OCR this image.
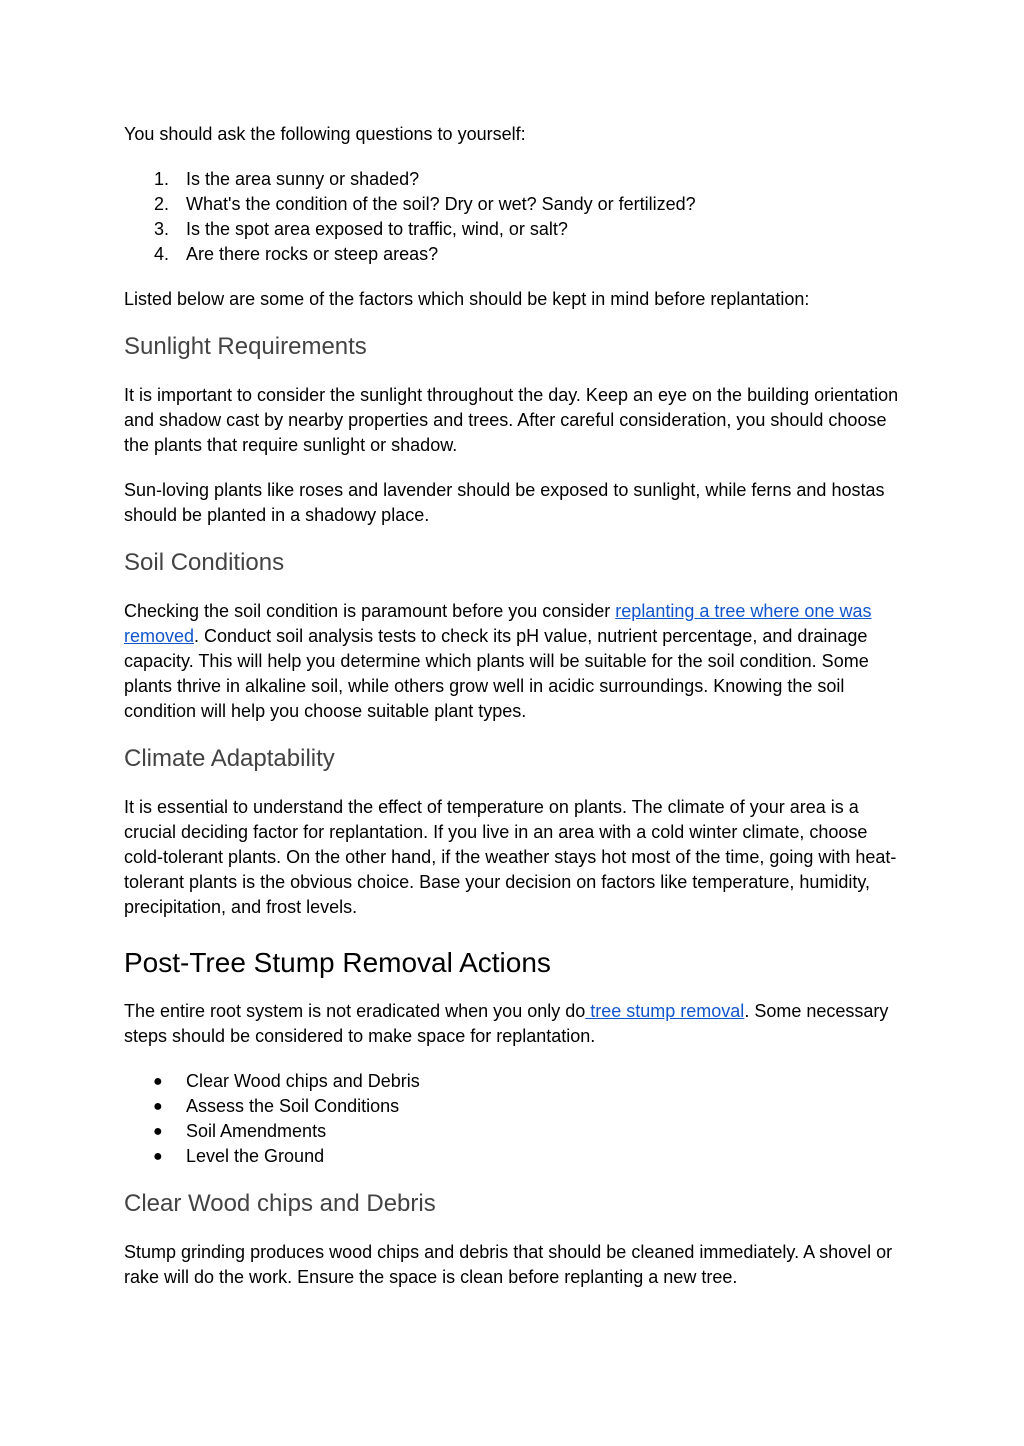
You should ask the following questions to yourself:

1. Is the area sunny or shaded?
2. What's the condition of the soil? Dry or wet? Sandy or fertilized?
3. Is the spot area exposed to traffic, wind, or salt?
4. Are there rocks or steep areas?

Listed below are some of the factors which should be kept in mind before replantation:

Sunlight Requirements

It is important to consider the sunlight throughout the day. Keep an eye on the building orientation and shadow cast by nearby properties and trees. After careful consideration, you should choose the plants that require sunlight or shadow.

Sun-loving plants like roses and lavender should be exposed to sunlight, while ferns and hostas should be planted in a shadowy place.

Soil Conditions

Checking the soil condition is paramount before you consider replanting a tree where one was removed. Conduct soil analysis tests to check its pH value, nutrient percentage, and drainage capacity. This will help you determine which plants will be suitable for the soil condition. Some plants thrive in alkaline soil, while others grow well in acidic surroundings. Knowing the soil condition will help you choose suitable plant types.

Climate Adaptability

It is essential to understand the effect of temperature on plants. The climate of your area is a crucial deciding factor for replantation. If you live in an area with a cold winter climate, choose cold-tolerant plants. On the other hand, if the weather stays hot most of the time, going with heat-tolerant plants is the obvious choice. Base your decision on factors like temperature, humidity, precipitation, and frost levels.

Post-Tree Stump Removal Actions

The entire root system is not eradicated when you only do tree stump removal. Some necessary steps should be considered to make space for replantation.

●	Clear Wood chips and Debris
●	Assess the Soil Conditions
●	Soil Amendments
●	Level the Ground
Clear Wood chips and Debris

Stump grinding produces wood chips and debris that should be cleaned immediately. A shovel or rake will do the work. Ensure the space is clean before replanting a new tree.
